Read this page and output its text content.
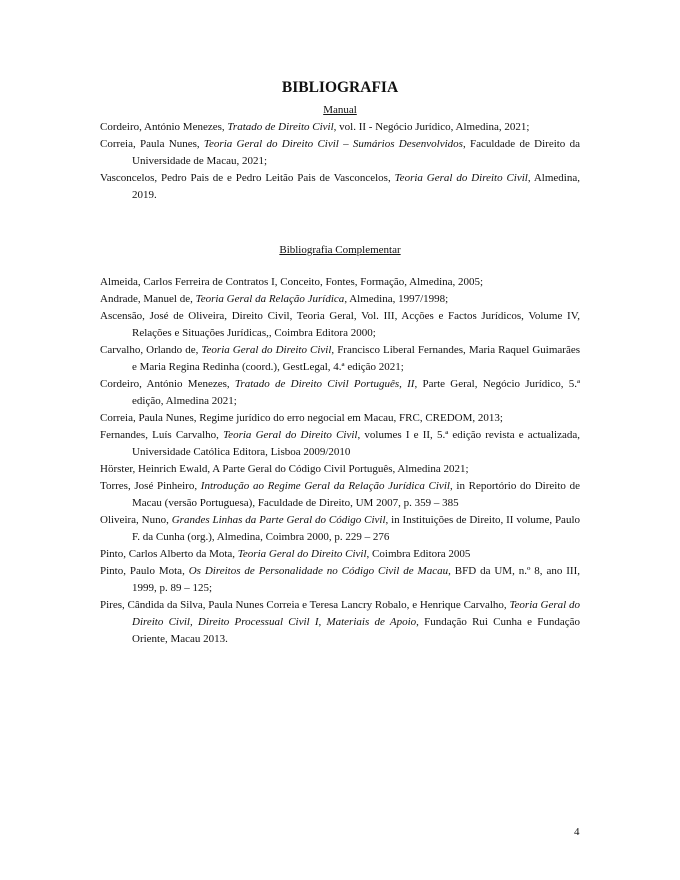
BIBLIOGRAFIA
Manual

Cordeiro, António Menezes, Tratado de Direito Civil, vol. II - Negócio Jurídico, Almedina, 2021;

Correia, Paula Nunes, Teoria Geral do Direito Civil – Sumários Desenvolvidos, Faculdade de Direito da Universidade de Macau, 2021;

Vasconcelos, Pedro Pais de e Pedro Leitão Pais de Vasconcelos, Teoria Geral do Direito Civil, Almedina, 2019.

Bibliografia Complementar

Almeida, Carlos Ferreira de Contratos I, Conceito, Fontes, Formação, Almedina, 2005;

Andrade, Manuel de, Teoria Geral da Relação Jurídica, Almedina, 1997/1998;

Ascensão, José de Oliveira, Direito Civil, Teoria Geral, Vol. III, Acções e Factos Jurídicos, Volume IV, Relações e Situações Jurídicas,, Coimbra Editora 2000;

Carvalho, Orlando de, Teoria Geral do Direito Civil, Francisco Liberal Fernandes, Maria Raquel Guimarães e Maria Regina Redinha (coord.), GestLegal, 4.ª edição 2021;

Cordeiro, António Menezes, Tratado de Direito Civil Português, II, Parte Geral, Negócio Jurídico, 5.ª edição, Almedina 2021;

Correia, Paula Nunes, Regime jurídico do erro negocial em Macau, FRC, CREDOM, 2013;

Fernandes, Luís Carvalho, Teoria Geral do Direito Civil, volumes I e II, 5.ª edição revista e actualizada, Universidade Católica Editora, Lisboa 2009/2010

Hörster, Heinrich Ewald, A Parte Geral do Código Civil Português, Almedina 2021;

Torres, José Pinheiro, Introdução ao Regime Geral da Relação Jurídica Civil, in Reportório do Direito de Macau (versão Portuguesa), Faculdade de Direito, UM 2007, p. 359 – 385

Oliveira, Nuno, Grandes Linhas da Parte Geral do Código Civil, in Instituições de Direito, II volume, Paulo F. da Cunha (org.), Almedina, Coimbra 2000, p. 229 – 276

Pinto, Carlos Alberto da Mota, Teoria Geral do Direito Civil, Coimbra Editora 2005

Pinto, Paulo Mota, Os Direitos de Personalidade no Código Civil de Macau, BFD da UM, n.º 8, ano III, 1999, p. 89 – 125;

Pires, Cândida da Silva, Paula Nunes Correia e Teresa Lancry Robalo, e Henrique Carvalho, Teoria Geral do Direito Civil, Direito Processual Civil I, Materiais de Apoio, Fundação Rui Cunha e Fundação Oriente, Macau 2013.

4
